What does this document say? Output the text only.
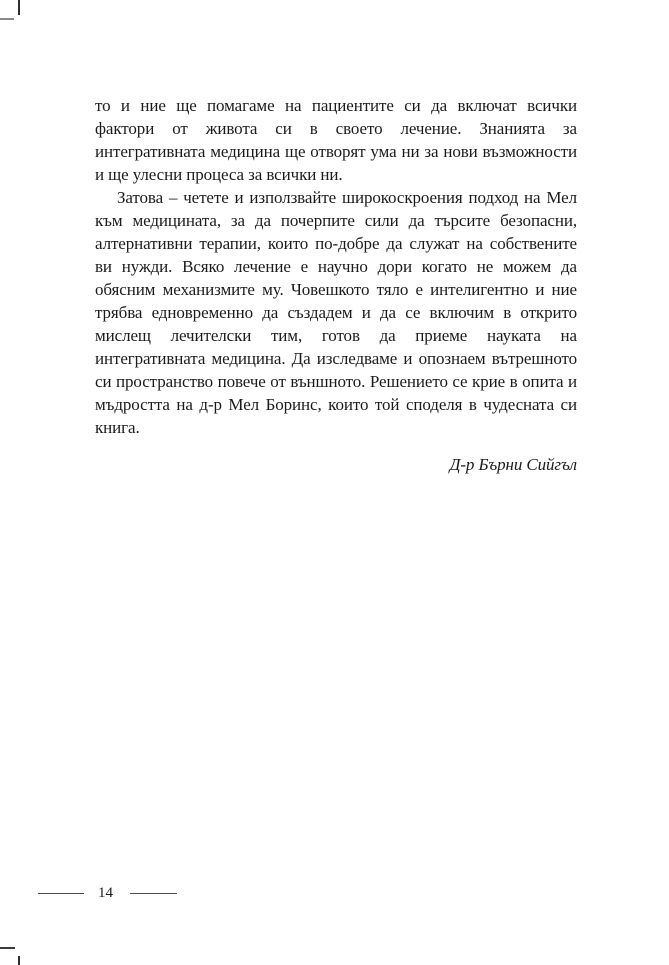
то и ние ще помагаме на пациентите си да включат всички фактори от живота си в своето лечение. Знанията за интегративната медицина ще отворят ума ни за нови възможности и ще улесни процеса за всички ни.

Затова – четете и използвайте широкоскроения подход на Мел към медицината, за да почерпите сили да търсите безопасни, алтернативни терапии, които по-добре да служат на собствените ви нужди. Всяко лечение е научно дори когато не можем да обясним механизмите му. Човешкото тяло е интелигентно и ние трябва едновременно да създадем и да се включим в открито мислещ лечителски тим, готов да приеме науката на интегративната медицина. Да изследваме и опознаем вътрешното си пространство повече от външното. Решението се крие в опита и мъдростта на д-р Мел Боринс, които той споделя в чудесната си книга.

Д-р Бърни Сийгъл

14
